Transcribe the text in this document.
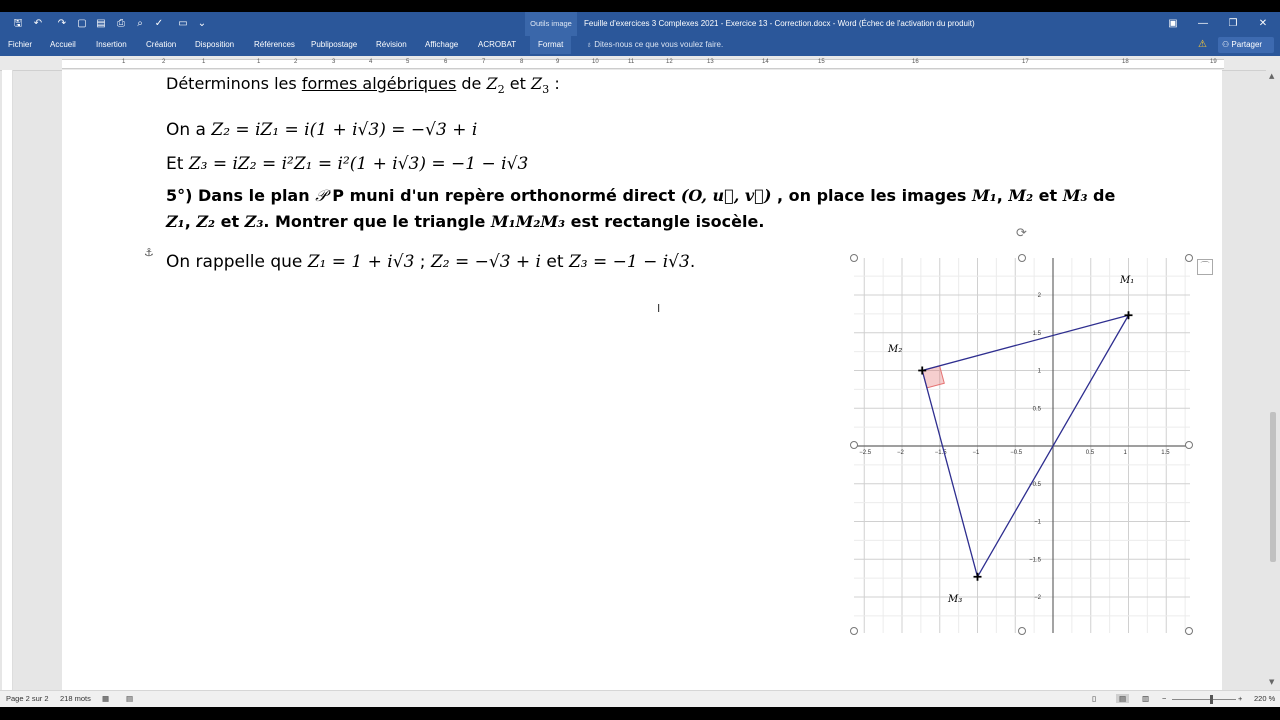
🖫 ↶ ↷ ▢ ▤ ⎙	⌕	✓ ▭ ⌄	Outils image	Feuille d'exercices 3 Complexes 2021 - Exercice 13 - Correction.docx - Word (Échec de l'activation du produit)	▣	—	❐	✕
Fichier Accueil	Insertion Création Disposition Références Publipostage Révision Affichage ACROBAT	Format	♁ Dites-nous ce que vous voulez faire.	⚠	⚇ Partager
1	2	1	1	2	3	4	5	6	7	8	9	10	11	12	13	14	15	16	17	18	19
Déterminons les formes algébriques de $Z_2$ et $Z_3$ :
On a Z₂ = iZ₁ = i(1 + i√3) = −√3 + i
Et Z₃ = iZ₂ = i²Z₁ = i²(1 + i√3) = −1 − i√3
5°) Dans le plan 𝒫 P muni d'un repère orthonormé direct (O, u⃗, v⃗) , on place les images M₁, M₂ et M₃ de
Z₁, Z₂ et Z₃. Montrer que le triangle M₁M₂M₃ est rectangle isocèle.
⚓ On rappelle que Z₁ = 1 + i√3 ; Z₂ = −√3 + i et Z₃ = −1 − i√3.
I
−2.5	−2	−1.5	−1	−0.5	0.5	1	1.5
2
1.5
1
0.5
−0.5
−1
−1.5
−2
M₁
M₂
M₃
⟳
⌒
▲
▼
Page 2 sur 2 218 mots ▦ ▤	▯	▤	▥ −	+ 220 %
